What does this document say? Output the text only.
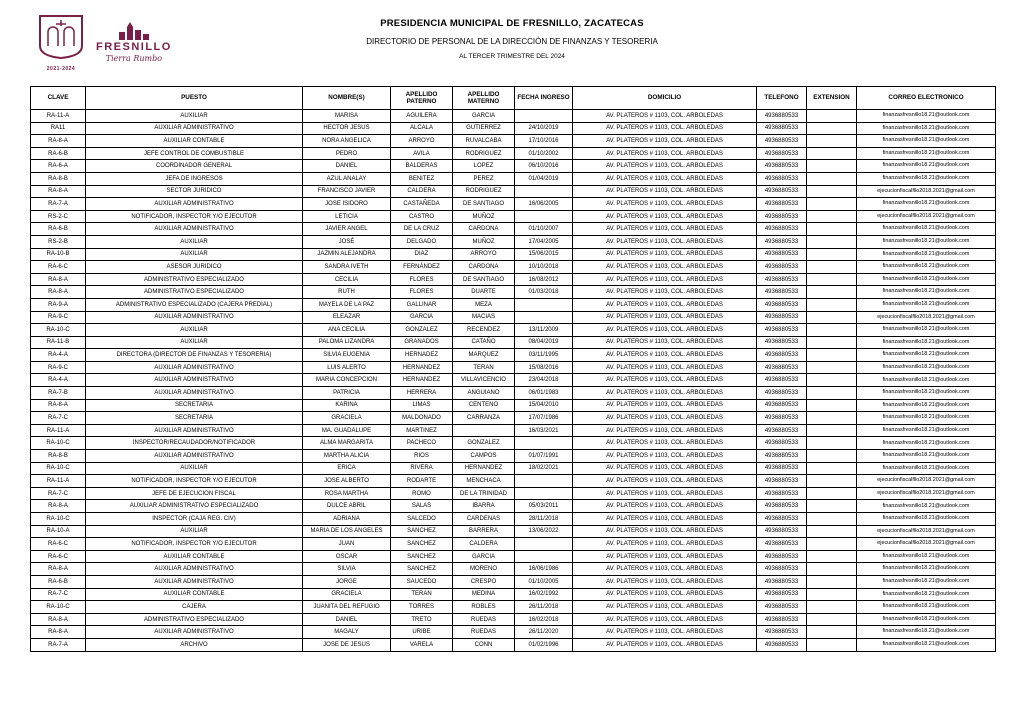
2021-2024
FRESNILLO
Tierra Rumbo
PRESIDENCIA MUNICIPAL DE FRESNILLO, ZACATECAS
DIRECTORIO DE PERSONAL DE LA DIRECCIÓN DE FINANZAS Y TESORERIA
AL TERCER TRIMESTRE DEL 2024
CLAVE	PUESTO	NOMBRE(S)	APELLIDO PATERNO	APELLIDO MATERNO	FECHA INGRESO	DOMICILIO	TELEFONO	EXTENSION	CORREO ELECTRONICO
RA-11-A	AUXILIAR	MARISA	AGUILERA	GARCIA		AV. PLATEROS # 1103, COL. ARBOLEDAS	4936880533		finanzasfresnillo18.21@outlook.com
RA11	AUXILIAR ADMINISTRATIVO	HECTOR JESUS	ALCALA	GUTIERREZ	24/10/2019	AV. PLATEROS # 1103, COL. ARBOLEDAS	4936880533		finanzasfresnillo18.21@outlook.com
RA-8-A	AUXILIAR CONTABLE	NORA ANGELICA	ARROYO	RUVALCABA	17/10/2016	AV. PLATEROS # 1103, COL. ARBOLEDAS	4936880533		finanzasfresnillo18.21@outlook.com
RA-6-B	JEFE CONTROL DE COMBUSTIBLE	PEDRO	AVILA	RODRIGUEZ	01/10/2002	AV. PLATEROS # 1103, COL. ARBOLEDAS	4936880533		finanzasfresnillo18.21@outlook.com
RA-6-A	COORDINADOR GENERAL	DANIEL	BALDERAS	LOPEZ	06/10/2016	AV. PLATEROS # 1103, COL. ARBOLEDAS	4936880533		finanzasfresnillo18.21@outlook.com
RA-8-B	JEFA DE INGRESOS	AZUL ANALAY	BENITEZ	PEREZ	01/04/2019	AV. PLATEROS # 1103, COL. ARBOLEDAS	4936880533		finanzasfresnillo18.21@outlook.com
RA-8-A	SECTOR JURIDICO	FRANCISCO JAVIER	CALDERA	RODRIGUEZ		AV. PLATEROS # 1103, COL. ARBOLEDAS	4936880533		ejecucionfiscalfllo2018.2021@gmail.com
RA-7-A	AUXILIAR ADMINISTRATIVO	JOSE ISIDORO	CASTAÑEDA	DE SANTIAGO	16/06/2005	AV. PLATEROS # 1103, COL. ARBOLEDAS	4936880533		finanzasfresnillo18.21@outlook.com
RS-2-C	NOTIFICADOR, INSPECTOR Y/O EJECUTOR	LETICIA	CASTRO	MUÑOZ		AV. PLATEROS # 1103, COL. ARBOLEDAS	4936880533		ejecucionfiscalfllo2018.2021@gmail.com
RA-6-B	AUXILIAR ADMINISTRATIVO	JAVIER ANGEL	DE LA CRUZ	CARDONA	01/10/2007	AV. PLATEROS # 1103, COL. ARBOLEDAS	4936880533		finanzasfresnillo18.21@outlook.com
RS-2-B	AUXILIAR	JOSÉ	DELGADO	MUÑOZ	17/04/2005	AV. PLATEROS # 1103, COL. ARBOLEDAS	4936880533		finanzasfresnillo18.21@outlook.com
RA-10-B	AUXILIAR	JAZMIN ALEJANDRA	DIAZ	ARROYO	15/06/2015	AV. PLATEROS # 1103, COL. ARBOLEDAS	4936880533		finanzasfresnillo18.21@outlook.com
RA-6-C	ASESOR JURIDICO	SANDRA IVETH	FERNÁNDEZ	CARDONA	10/10/2018	AV. PLATEROS # 1103, COL. ARBOLEDAS	4936880533		finanzasfresnillo18.21@outlook.com
RA-8-A	ADMINISTRATIVO ESPECIALIZADO	CECILIA	FLORES	DE SANTIAGO	16/08/2012	AV. PLATEROS # 1103, COL. ARBOLEDAS	4936880533		finanzasfresnillo18.21@outlook.com
RA-8-A	ADMINISTRATIVO ESPECIALIZADO	RUTH	FLORES	DUARTE	01/03/2018	AV. PLATEROS # 1103, COL. ARBOLEDAS	4936880533		finanzasfresnillo18.21@outlook.com
RA-9-A	ADMINISTRATIVO ESPECIALIZADO (CAJERA PREDIAL)	MAYELA DE LA PAZ	GALLINAR	MEZA		AV. PLATEROS # 1103, COL. ARBOLEDAS	4936880533		finanzasfresnillo18.21@outlook.com
RA-9-C	AUXILIAR ADMINISTRATIVO	ELEAZAR	GARCIA	MACIAS		AV. PLATEROS # 1103, COL. ARBOLEDAS	4936880533		ejecucionfiscalfllo2018.2021@gmail.com
RA-10-C	AUXILIAR	ANA CECILIA	GONZALEZ	RECENDEZ	13/11/2009	AV. PLATEROS # 1103, COL. ARBOLEDAS	4936880533		finanzasfresnillo18.21@outlook.com
RA-11-B	AUXILIAR	PALOMA LIZANDRA	GRANADOS	CATAÑO	08/04/2019	AV. PLATEROS # 1103, COL. ARBOLEDAS	4936880533		finanzasfresnillo18.21@outlook.com
RA-4-A	DIRECTORA (DIRECTOR DE FINANZAS Y TESORERIA)	SILVIA EUGENIA	HERNADEZ	MARQUEZ	03/11/1995	AV. PLATEROS # 1103, COL. ARBOLEDAS	4936880533		finanzasfresnillo18.21@outlook.com
RA-9-C	AUXILIAR ADMINISTRATIVO	LUIS ALERTO	HERNANDEZ	TERAN	15/08/2016	AV. PLATEROS # 1103, COL. ARBOLEDAS	4936880533		finanzasfresnillo18.21@outlook.com
RA-4-A	AUXILIAR ADMINISTRATIVO	MARIA CONCEPCION	HERNANDEZ	VILLAVICENCIO	23/04/2018	AV. PLATEROS # 1103, COL. ARBOLEDAS	4936880533		finanzasfresnillo18.21@outlook.com
RA-7-B	AUXILIAR ADMINISTRATIVO	PATRICIA	HERRERA	ANGUIANO	06/01/1983	AV. PLATEROS # 1103, COL. ARBOLEDAS	4936880533		finanzasfresnillo18.21@outlook.com
RA-8-A	SECRETARIA	KARINA	LIMAS	CENTENO	15/04/2010	AV. PLATEROS # 1103, COL. ARBOLEDAS	4936880533		finanzasfresnillo18.21@outlook.com
RA-7-C	SECRETARIA	GRACIELA	MALDONADO	CARRANZA	17/07/1986	AV. PLATEROS # 1103, COL. ARBOLEDAS	4936880533		finanzasfresnillo18.21@outlook.com
RA-11-A	AUXILIAR ADMINISTRATIVO	MA. GUADALUPE	MARTINEZ		16/03/2021	AV. PLATEROS # 1103, COL. ARBOLEDAS	4936880533		finanzasfresnillo18.21@outlook.com
RA-10-C	INSPECTOR/RECAUDADOR/NOTIFICADOR	ALMA MARGARITA	PACHECO	GONZALEZ		AV. PLATEROS # 1103, COL. ARBOLEDAS	4936880533		finanzasfresnillo18.21@outlook.com
RA-8-B	AUXILIAR ADMINISTRATIVO	MARTHA ALICIA	RIOS	CAMPOS	01/07/1991	AV. PLATEROS # 1103, COL. ARBOLEDAS	4936880533		finanzasfresnillo18.21@outlook.com
RA-10-C	AUXILIAR	ERICA	RIVERA	HERNANDEZ	18/02/2021	AV. PLATEROS # 1103, COL. ARBOLEDAS	4936880533		finanzasfresnillo18.21@outlook.com
RA-11-A	NOTIFICADOR, INSPECTOR Y/O EJECUTOR	JOSE ALBERTO	RODARTE	MENCHACA		AV. PLATEROS # 1103, COL. ARBOLEDAS	4936880533		ejecucionfiscalfllo2018.2021@gmail.com
RA-7-C	JEFE DE EJECUCION FISCAL	ROSA MARTHA	ROMO	DE LA TRINIDAD		AV. PLATEROS # 1103, COL. ARBOLEDAS	4936880533		ejecucionfiscalfllo2018.2021@gmail.com
RA-8-A	AUXILIAR ADMINISTRATIVO ESPECIALIZADO	DULCE ABRIL	SALAS	IBARRA	05/03/2011	AV. PLATEROS # 1103, COL. ARBOLEDAS	4936880533		finanzasfresnillo18.21@outlook.com
RA-10-C	INSPECTOR (CAJA REG. CIV)	ADRIANA	SALCEDO	CARDENAS	28/11/2018	AV. PLATEROS # 1103, COL. ARBOLEDAS	4936880533		finanzasfresnillo18.21@outlook.com
RA-10-A	AUXILIAR	MARIA DE LOS ANGELES	SANCHEZ	BARRERA	13/06/2022	AV. PLATEROS # 1103, COL. ARBOLEDAS	4936880533		ejecucionfiscalfllo2018.2021@gmail.com
RA-6-C	NOTIFICADOR, INSPECTOR Y/O EJECUTOR	JUAN	SANCHEZ	CALDERA		AV. PLATEROS # 1103, COL. ARBOLEDAS	4936880533		ejecucionfiscalfllo2018.2021@gmail.com
RA-6-C	AUXILIAR CONTABLE	OSCAR	SANCHEZ	GARCIA		AV. PLATEROS # 1103, COL. ARBOLEDAS	4936880533		finanzasfresnillo18.21@outlook.com
RA-8-A	AUXILIAR ADMINISTRATIVO	SILVIA	SANCHEZ	MORENO	16/06/1986	AV. PLATEROS # 1103, COL. ARBOLEDAS	4936880533		finanzasfresnillo18.21@outlook.com
RA-6-B	AUXILIAR ADMINISTRATIVO	JORGE	SAUCEDO	CRESPO	01/10/2005	AV. PLATEROS # 1103, COL. ARBOLEDAS	4936880533		finanzasfresnillo18.21@outlook.com
RA-7-C	AUXILIAR CONTABLE	GRACIELA	TERAN	MEDINA	16/02/1992	AV. PLATEROS # 1103, COL. ARBOLEDAS	4936880533		finanzasfresnillo18.21@outlook.com
RA-10-C	CAJERA	JUANITA DEL REFUGIO	TORRES	ROBLES	26/11/2018	AV. PLATEROS # 1103, COL. ARBOLEDAS	4936880533		finanzasfresnillo18.21@outlook.com
RA-8-A	ADMINISTRATIVO ESPECIALIZADO	DANIEL	TRETO	RUEDAS	16/02/2018	AV. PLATEROS # 1103, COL. ARBOLEDAS	4936880533		finanzasfresnillo18.21@outlook.com
RA-8-A	AUXILIAR ADMINISTRATIVO	MAGALY	URIBE	RUEDAS	26/11/2020	AV. PLATEROS # 1103, COL. ARBOLEDAS	4936880533		finanzasfresnillo18.21@outlook.com
RA-7-A	ARCHIVO	JOSE DE JESUS	VARELA	CONN	01/02/1996	AV. PLATEROS # 1103, COL. ARBOLEDAS	4936880533		finanzasfresnillo18.21@outlook.com
